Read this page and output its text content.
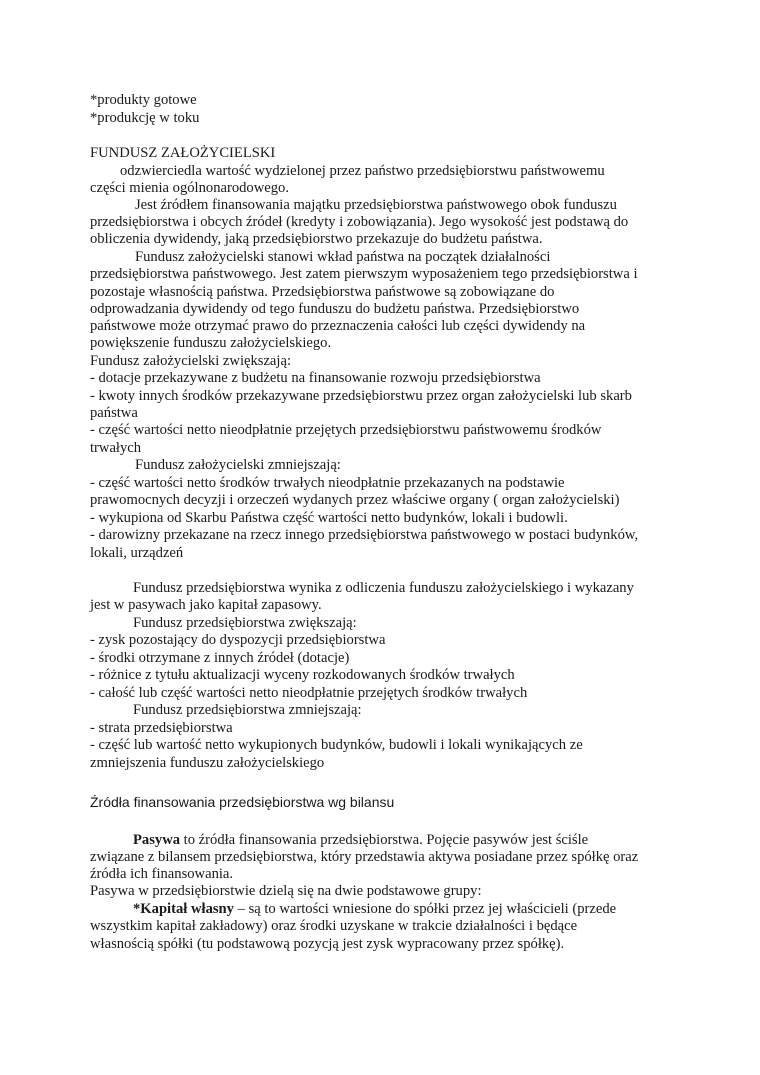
*produkty gotowe

*produkcję w toku

FUNDUSZ ZAŁOŻYCIELSKI

odzwierciedla wartość wydzielonej przez państwo przedsiębiorstwu państwowemu

części mienia ogólnonarodowego.

Jest źródłem finansowania majątku przedsiębiorstwa państwowego obok funduszu

przedsiębiorstwa i obcych źródeł (kredyty i zobowiązania). Jego wysokość jest podstawą do

obliczenia dywidendy, jaką przedsiębiorstwo przekazuje do budżetu państwa.

Fundusz założycielski stanowi wkład państwa na początek działalności

przedsiębiorstwa państwowego. Jest zatem pierwszym wyposażeniem tego przedsiębiorstwa i

pozostaje własnością państwa. Przedsiębiorstwa państwowe są zobowiązane do

odprowadzania dywidendy od tego funduszu do budżetu państwa. Przedsiębiorstwo

państwowe może otrzymać prawo do przeznaczenia całości lub części dywidendy na

powiększenie funduszu założycielskiego.

Fundusz założycielski zwiększają:

- dotacje przekazywane z budżetu na finansowanie rozwoju przedsiębiorstwa

- kwoty innych środków przekazywane przedsiębiorstwu przez organ założycielski lub skarb

państwa

- część wartości netto nieodpłatnie przejętych przedsiębiorstwu państwowemu środków

trwałych

Fundusz założycielski zmniejszają:

- część wartości netto środków trwałych nieodpłatnie przekazanych na podstawie

prawomocnych decyzji i orzeczeń wydanych przez właściwe organy ( organ założycielski)

- wykupiona od Skarbu Państwa część wartości netto budynków, lokali i budowli.

- darowizny przekazane na rzecz innego przedsiębiorstwa państwowego w postaci budynków,

lokali, urządzeń

Fundusz przedsiębiorstwa wynika z odliczenia funduszu założycielskiego i wykazany

jest w pasywach jako kapitał zapasowy.

Fundusz przedsiębiorstwa zwiększają:

- zysk pozostający do dyspozycji przedsiębiorstwa

- środki otrzymane z innych źródeł (dotacje)

- różnice z tytułu aktualizacji wyceny rozkodowanych środków trwałych

- całość lub część wartości netto nieodpłatnie przejętych środków trwałych

Fundusz przedsiębiorstwa zmniejszają:

- strata przedsiębiorstwa

- część lub wartość netto wykupionych budynków, budowli i lokali wynikających ze

zmniejszenia funduszu założycielskiego

Źródła finansowania przedsiębiorstwa wg bilansu

Pasywa to źródła finansowania przedsiębiorstwa. Pojęcie pasywów jest ściśle

związane z bilansem przedsiębiorstwa, który przedstawia aktywa posiadane przez spółkę oraz

źródła ich finansowania.

Pasywa w przedsiębiorstwie dzielą się na dwie podstawowe grupy:

*Kapitał własny – są to wartości wniesione do spółki przez jej właścicieli (przede

wszystkim kapitał zakładowy) oraz środki uzyskane w trakcie działalności i będące

własnością spółki (tu podstawową pozycją jest zysk wypracowany przez spółkę).
